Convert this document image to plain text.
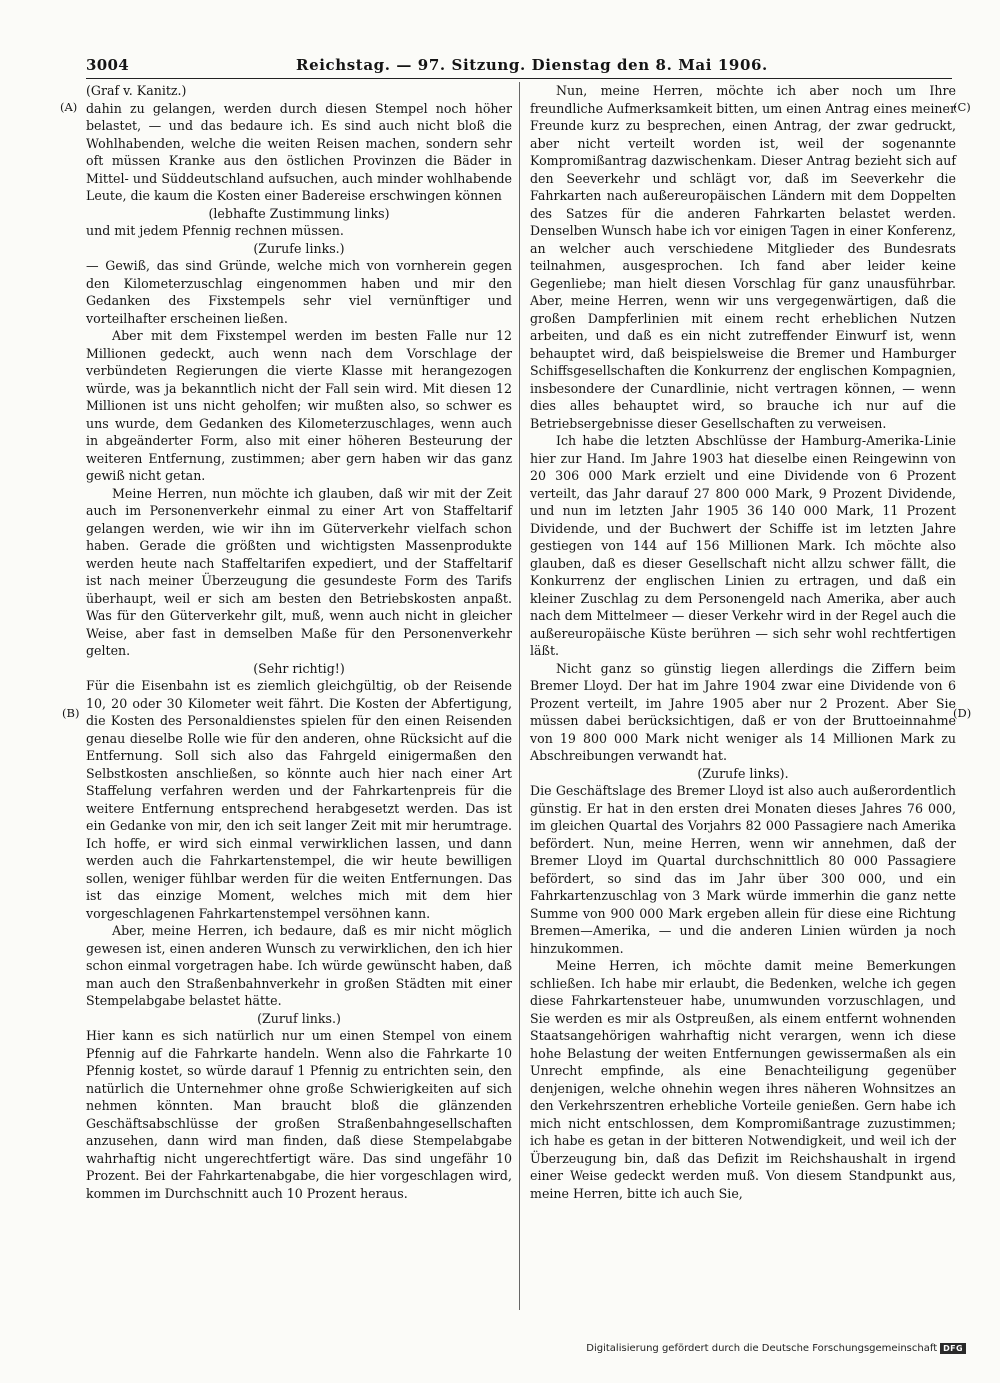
3004	Reichstag. — 97. Sitzung. Dienstag den 8. Mai 1906.
(A)
(B)
(C)
(D)

(Graf v. Kanitz.)

dahin zu gelangen, werden durch diesen Stempel noch höher belastet, — und das bedaure ich. Es sind auch nicht bloß die Wohlhabenden, welche die weiten Reisen machen, sondern sehr oft müssen Kranke aus den östlichen Provinzen die Bäder in Mittel- und Süddeutschland aufsuchen, auch minder wohlhabende Leute, die kaum die Kosten einer Badereise erschwingen können

(lebhafte Zustimmung links)

und mit jedem Pfennig rechnen müssen.

(Zurufe links.)

— Gewiß, das sind Gründe, welche mich von vornherein gegen den Kilometerzuschlag eingenommen haben und mir den Gedanken des Fixstempels sehr viel vernünftiger und vorteilhafter erscheinen ließen.

Aber mit dem Fixstempel werden im besten Falle nur 12 Millionen gedeckt, auch wenn nach dem Vorschlage der verbündeten Regierungen die vierte Klasse mit herangezogen würde, was ja bekanntlich nicht der Fall sein wird. Mit diesen 12 Millionen ist uns nicht geholfen; wir mußten also, so schwer es uns wurde, dem Gedanken des Kilometerzuschlages, wenn auch in abgeänderter Form, also mit einer höheren Besteurung der weiteren Entfernung, zustimmen; aber gern haben wir das ganz gewiß nicht getan.

Meine Herren, nun möchte ich glauben, daß wir mit der Zeit auch im Personenverkehr einmal zu einer Art von Staffeltarif gelangen werden, wie wir ihn im Güterverkehr vielfach schon haben. Gerade die größten und wichtigsten Massenprodukte werden heute nach Staffeltarifen expediert, und der Staffeltarif ist nach meiner Überzeugung die gesundeste Form des Tarifs überhaupt, weil er sich am besten den Betriebskosten anpaßt. Was für den Güterverkehr gilt, muß, wenn auch nicht in gleicher Weise, aber fast in demselben Maße für den Personenverkehr gelten.

(Sehr richtig!)

Für die Eisenbahn ist es ziemlich gleichgültig, ob der Reisende 10, 20 oder 30 Kilometer weit fährt. Die Kosten der Abfertigung, die Kosten des Personaldienstes spielen für den einen Reisenden genau dieselbe Rolle wie für den anderen, ohne Rücksicht auf die Entfernung. Soll sich also das Fahrgeld einigermaßen den Selbstkosten anschließen, so könnte auch hier nach einer Art Staffelung verfahren werden und der Fahrkartenpreis für die weitere Entfernung entsprechend herabgesetzt werden. Das ist ein Gedanke von mir, den ich seit langer Zeit mit mir herumtrage. Ich hoffe, er wird sich einmal verwirklichen lassen, und dann werden auch die Fahrkartenstempel, die wir heute bewilligen sollen, weniger fühlbar werden für die weiten Entfernungen. Das ist das einzige Moment, welches mich mit dem hier vorgeschlagenen Fahrkartenstempel versöhnen kann.

Aber, meine Herren, ich bedaure, daß es mir nicht möglich gewesen ist, einen anderen Wunsch zu verwirklichen, den ich hier schon einmal vorgetragen habe. Ich würde gewünscht haben, daß man auch den Straßenbahnverkehr in großen Städten mit einer Stempelabgabe belastet hätte.

(Zuruf links.)

Hier kann es sich natürlich nur um einen Stempel von einem Pfennig auf die Fahrkarte handeln. Wenn also die Fahrkarte 10 Pfennig kostet, so würde darauf 1 Pfennig zu entrichten sein, den natürlich die Unternehmer ohne große Schwierigkeiten auf sich nehmen könnten. Man braucht bloß die glänzenden Geschäftsabschlüsse der großen Straßenbahngesellschaften anzusehen, dann wird man finden, daß diese Stempelabgabe wahrhaftig nicht ungerechtfertigt wäre. Das sind ungefähr 10 Prozent. Bei der Fahrkartenabgabe, die hier vorgeschlagen wird, kommen im Durchschnitt auch 10 Prozent heraus.

Nun, meine Herren, möchte ich aber noch um Ihre freundliche Aufmerksamkeit bitten, um einen Antrag eines meiner Freunde kurz zu besprechen, einen Antrag, der zwar gedruckt, aber nicht verteilt worden ist, weil der sogenannte Kompromißantrag dazwischenkam. Dieser Antrag bezieht sich auf den Seeverkehr und schlägt vor, daß im Seeverkehr die Fahrkarten nach außereuropäischen Ländern mit dem Doppelten des Satzes für die anderen Fahrkarten belastet werden. Denselben Wunsch habe ich vor einigen Tagen in einer Konferenz, an welcher auch verschiedene Mitglieder des Bundesrats teilnahmen, ausgesprochen. Ich fand aber leider keine Gegenliebe; man hielt diesen Vorschlag für ganz unausführbar. Aber, meine Herren, wenn wir uns vergegenwärtigen, daß die großen Dampferlinien mit einem recht erheblichen Nutzen arbeiten, und daß es ein nicht zutreffender Einwurf ist, wenn behauptet wird, daß beispielsweise die Bremer und Hamburger Schiffsgesellschaften die Konkurrenz der englischen Kompagnien, insbesondere der Cunardlinie, nicht vertragen können, — wenn dies alles behauptet wird, so brauche ich nur auf die Betriebsergebnisse dieser Gesellschaften zu verweisen.

Ich habe die letzten Abschlüsse der Hamburg-Amerika-Linie hier zur Hand. Im Jahre 1903 hat dieselbe einen Reingewinn von 20 306 000 Mark erzielt und eine Dividende von 6 Prozent verteilt, das Jahr darauf 27 800 000 Mark, 9 Prozent Dividende, und nun im letzten Jahr 1905 36 140 000 Mark, 11 Prozent Dividende, und der Buchwert der Schiffe ist im letzten Jahre gestiegen von 144 auf 156 Millionen Mark. Ich möchte also glauben, daß es dieser Gesellschaft nicht allzu schwer fällt, die Konkurrenz der englischen Linien zu ertragen, und daß ein kleiner Zuschlag zu dem Personengeld nach Amerika, aber auch nach dem Mittelmeer — dieser Verkehr wird in der Regel auch die außereuropäische Küste berühren — sich sehr wohl rechtfertigen läßt.

Nicht ganz so günstig liegen allerdings die Ziffern beim Bremer Lloyd. Der hat im Jahre 1904 zwar eine Dividende von 6 Prozent verteilt, im Jahre 1905 aber nur 2 Prozent. Aber Sie müssen dabei berücksichtigen, daß er von der Bruttoeinnahme von 19 800 000 Mark nicht weniger als 14 Millionen Mark zu Abschreibungen verwandt hat.

(Zurufe links).

Die Geschäftslage des Bremer Lloyd ist also auch außerordentlich günstig. Er hat in den ersten drei Monaten dieses Jahres 76 000, im gleichen Quartal des Vorjahrs 82 000 Passagiere nach Amerika befördert. Nun, meine Herren, wenn wir annehmen, daß der Bremer Lloyd im Quartal durchschnittlich 80 000 Passagiere befördert, so sind das im Jahr über 300 000, und ein Fahrkartenzuschlag von 3 Mark würde immerhin die ganz nette Summe von 900 000 Mark ergeben allein für diese eine Richtung Bremen—Amerika, — und die anderen Linien würden ja noch hinzukommen.

Meine Herren, ich möchte damit meine Bemerkungen schließen. Ich habe mir erlaubt, die Bedenken, welche ich gegen diese Fahrkartensteuer habe, unumwunden vorzuschlagen, und Sie werden es mir als Ostpreußen, als einem entfernt wohnenden Staatsangehörigen wahrhaftig nicht verargen, wenn ich diese hohe Belastung der weiten Entfernungen gewissermaßen als ein Unrecht empfinde, als eine Benachteiligung gegenüber denjenigen, welche ohnehin wegen ihres näheren Wohnsitzes an den Verkehrszentren erhebliche Vorteile genießen. Gern habe ich mich nicht entschlossen, dem Kompromißantrage zuzustimmen; ich habe es getan in der bitteren Notwendigkeit, und weil ich der Überzeugung bin, daß das Defizit im Reichshaushalt in irgend einer Weise gedeckt werden muß. Von diesem Standpunkt aus, meine Herren, bitte ich auch Sie,

Digitalisierung gefördert durch die Deutsche Forschungsgemeinschaft DFG
